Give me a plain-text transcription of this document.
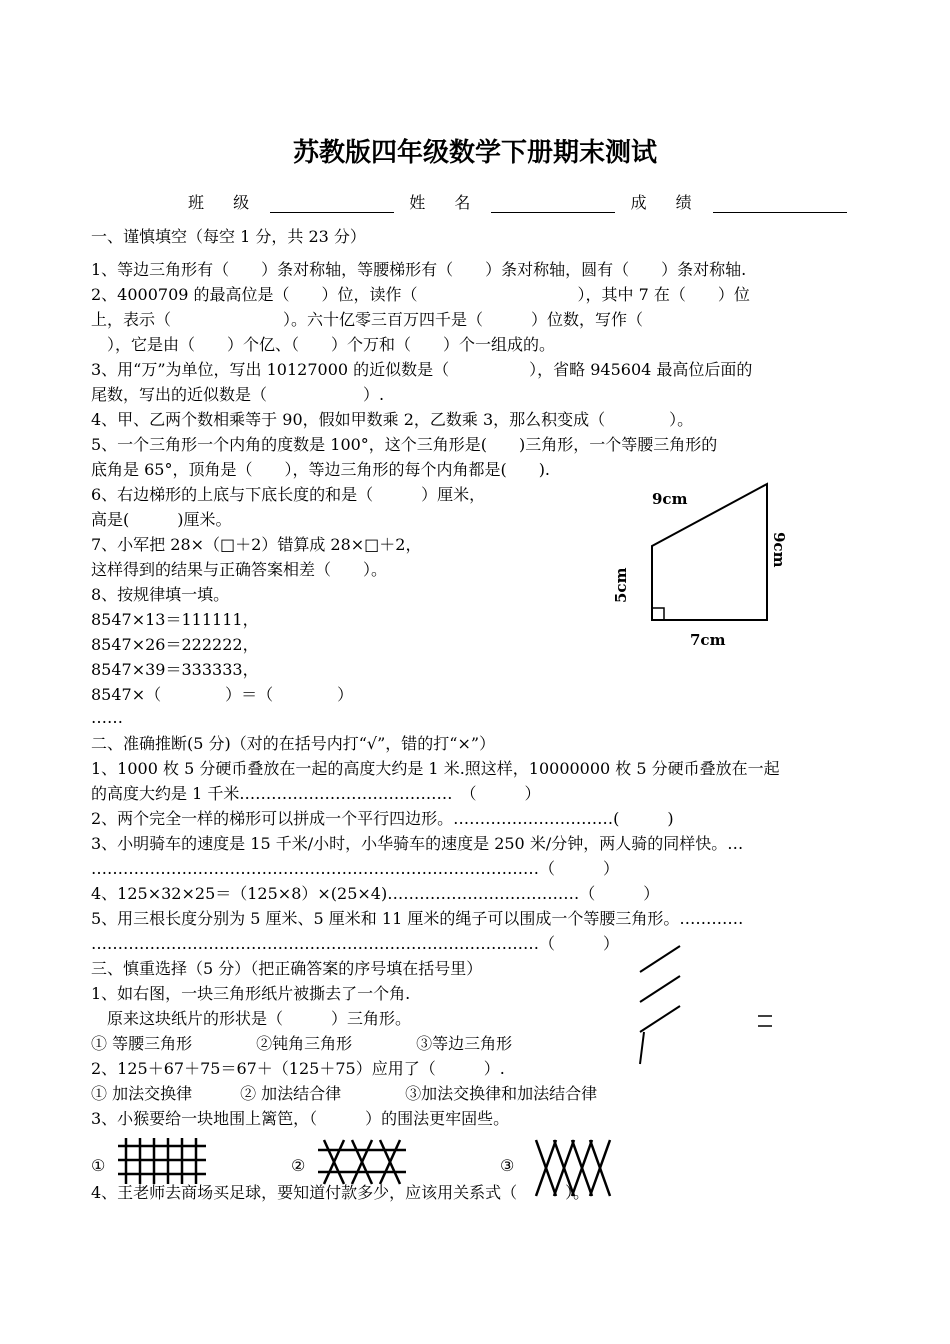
苏教版四年级数学下册期末测试
班 级	姓 名	成 绩
一、谨慎填空（每空 1 分，共 23 分）
1、等边三角形有（　　）条对称轴，等腰梯形有（　　）条对称轴，圆有（　　）条对称轴.
2、4000709 的最高位是（　　）位，读作（　　　　　　　　　　），其中 7 在（　　）位
上，表示（　　　　　　　）。六十亿零三百万四千是（　　　）位数，写作（
　），它是由（　　）个亿、（　　）个万和（　　）个一组成的。
3、用“万”为单位，写出 10127000 的近似数是（　　　　　），省略 945604 最高位后面的
尾数，写出的近似数是（　　　　　　）.
4、甲、乙两个数相乘等于 90，假如甲数乘 2，乙数乘 3，那么积变成（　　　　）。
5、一个三角形一个内角的度数是 100°，这个三角形是(　　)三角形，一个等腰三角形的
底角是 65°，顶角是（　　），等边三角形的每个内角都是(　　).
6、右边梯形的上底与下底长度的和是（　　　）厘米，
高是(　　　)厘米。
7、小军把 28×（□＋2）错算成 28×□＋2，
这样得到的结果与正确答案相差（　　）。
8、按规律填一填。
8547×13＝111111，
8547×26＝222222，
8547×39＝333333，
8547×（　　　　）＝（　　　　）
……
9cm
9cm
5cm
7cm
二、准确推断(5 分)（对的在括号内打“√”，错的打“×”）
1、1000 枚 5 分硬币叠放在一起的高度大约是 1 米.照这样，10000000 枚 5 分硬币叠放在一起
的高度大约是 1 千米.…………………………………　（　　　）
2、两个完全一样的梯形可以拼成一个平行四边形。…………………………(　　　)
3、小明骑车的速度是 15 千米/小时，小华骑车的速度是 250 米/分钟，两人骑的同样快。…
…………………………………………………………………………（　　　）
4、125×32×25＝（125×8）×(25×4)………………………………（　　　）
5、用三根长度分别为 5 厘米、5 厘米和 11 厘米的绳子可以围成一个等腰三角形。…………
…………………………………………………………………………（　　　）
三、慎重选择（5 分）（把正确答案的序号填在括号里）
1、如右图，一块三角形纸片被撕去了一个角.
　原来这块纸片的形状是（　　　）三角形。
① 等腰三角形　　　　②钝角三角形　　　　③等边三角形
2、125＋67＋75＝67＋（125＋75）应用了（　　　）.
① 加法交换律　　　② 加法结合律　　　　③加法交换律和加法结合律
3、小猴要给一块地围上篱笆，（　　　）的围法更牢固些。
①	②	③
4、王老师去商场买足球，要知道付款多少，应该用关系式（　　　）。
